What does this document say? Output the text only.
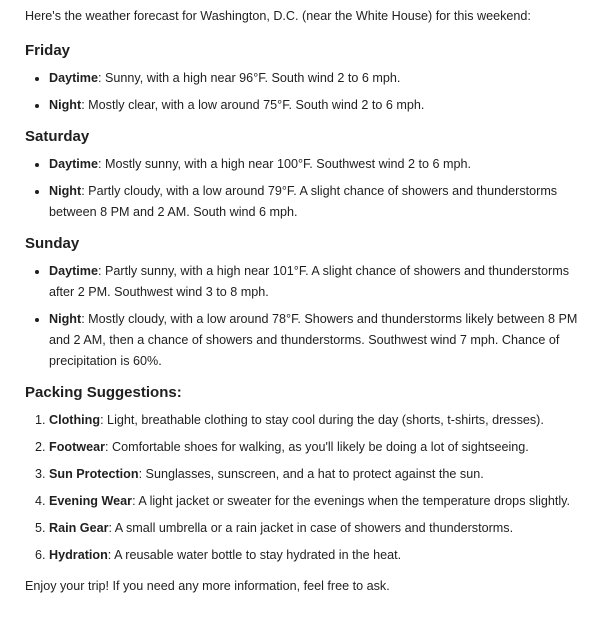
Here's the weather forecast for Washington, D.C. (near the White House) for this weekend:

Friday
• Daytime: Sunny, with a high near 96°F. South wind 2 to 6 mph.
• Night: Mostly clear, with a low around 75°F. South wind 2 to 6 mph.
Saturday
• Daytime: Mostly sunny, with a high near 100°F. Southwest wind 2 to 6 mph.
• Night: Partly cloudy, with a low around 79°F. A slight chance of showers and thunderstorms between 8 PM and 2 AM. South wind 6 mph.
Sunday
• Daytime: Partly sunny, with a high near 101°F. A slight chance of showers and thunderstorms after 2 PM. Southwest wind 3 to 8 mph.
• Night: Mostly cloudy, with a low around 78°F. Showers and thunderstorms likely between 8 PM and 2 AM, then a chance of showers and thunderstorms. Southwest wind 7 mph. Chance of precipitation is 60%.
Packing Suggestions:
1. Clothing: Light, breathable clothing to stay cool during the day (shorts, t-shirts, dresses).
2. Footwear: Comfortable shoes for walking, as you'll likely be doing a lot of sightseeing.
3. Sun Protection: Sunglasses, sunscreen, and a hat to protect against the sun.
4. Evening Wear: A light jacket or sweater for the evenings when the temperature drops slightly.
5. Rain Gear: A small umbrella or a rain jacket in case of showers and thunderstorms.
6. Hydration: A reusable water bottle to stay hydrated in the heat.

Enjoy your trip! If you need any more information, feel free to ask.
